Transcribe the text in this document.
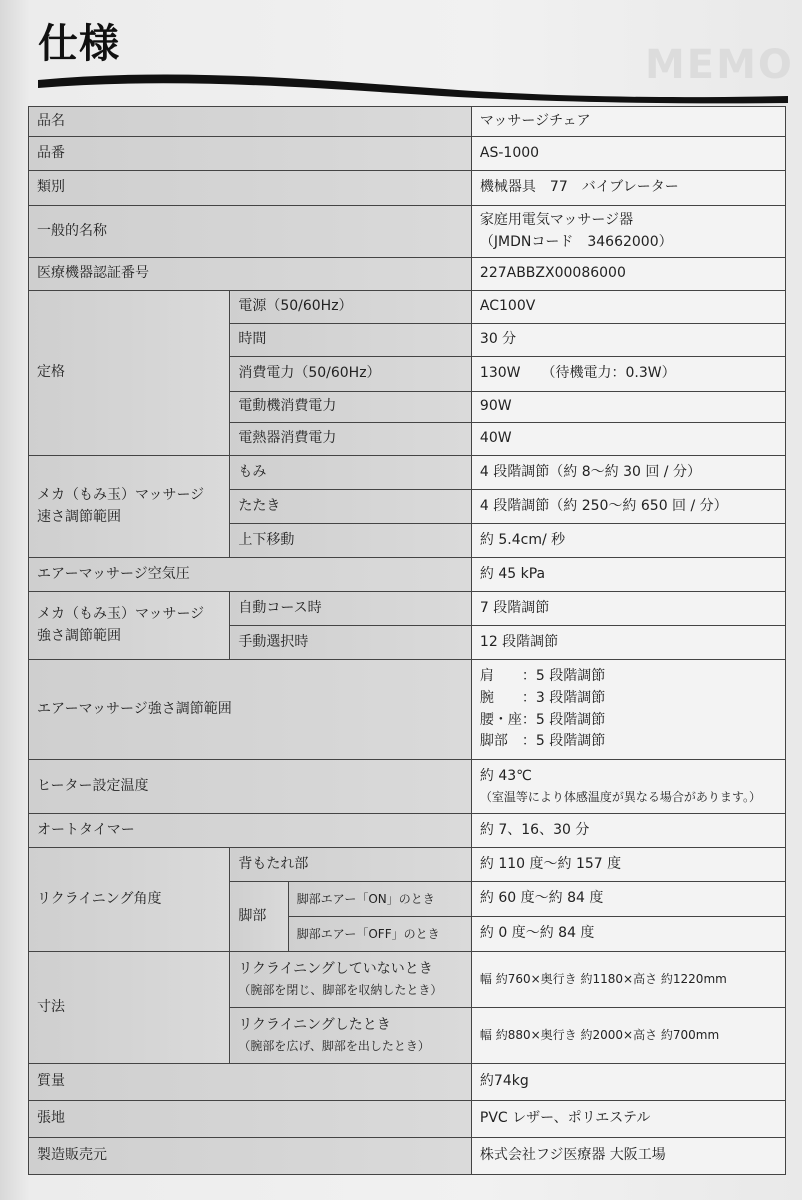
仕様	MEMO
品名			マッサージチェア
品番			AS-1000
類別			機械器具　77　バイブレーター
一般的名称			家庭用電気マッサージ器
（JMDNコード　34662000）

医療機器認証番号			227ABBZX00086000
定格	電源（50/60Hz）		AC100V
	時間		30 分
	消費電力（50/60Hz）		130W　　（待機電力：0.3W）
	電動機消費電力		90W
	電熱器消費電力		40W

メカ（もみ玉）マッサージ
速さ調節範囲	もみ		4 段階調節（約 8～約 30 回 / 分）
	たたき		4 段階調節（約 250～約 650 回 / 分）
	上下移動		約 5.4cm/ 秒
エアーマッサージ空気圧			約 45 kPa

メカ（もみ玉）マッサージ
強さ調節範囲	自動コース時		7 段階調節
	手動選択時		12 段階調節
エアーマッサージ強さ調節範囲			肩　　：5 段階調節
腕　　：3 段階調節
腰・座：5 段階調節
脚部　：5 段階調節

ヒーター設定温度			約 43℃
（室温等により体感温度が異なる場合があります。）

オートタイマー			約 7、16、30 分
リクライニング角度	背もたれ部		約 110 度～約 157 度
	脚部	脚部エアー「ON」のとき	約 60 度～約 84 度
		脚部エアー「OFF」のとき	約 0 度～約 84 度
寸法	リクライニングしていないとき
（腕部を閉じ、脚部を収納したとき）		幅 約760×奥行き 約1180×高さ 約1220mm

	リクライニングしたとき
（腕部を広げ、脚部を出したとき）		幅 約880×奥行き 約2000×高さ 約700mm
質量			約74kg
張地			PVC レザー、ポリエステル
製造販売元			株式会社フジ医療器 大阪工場
